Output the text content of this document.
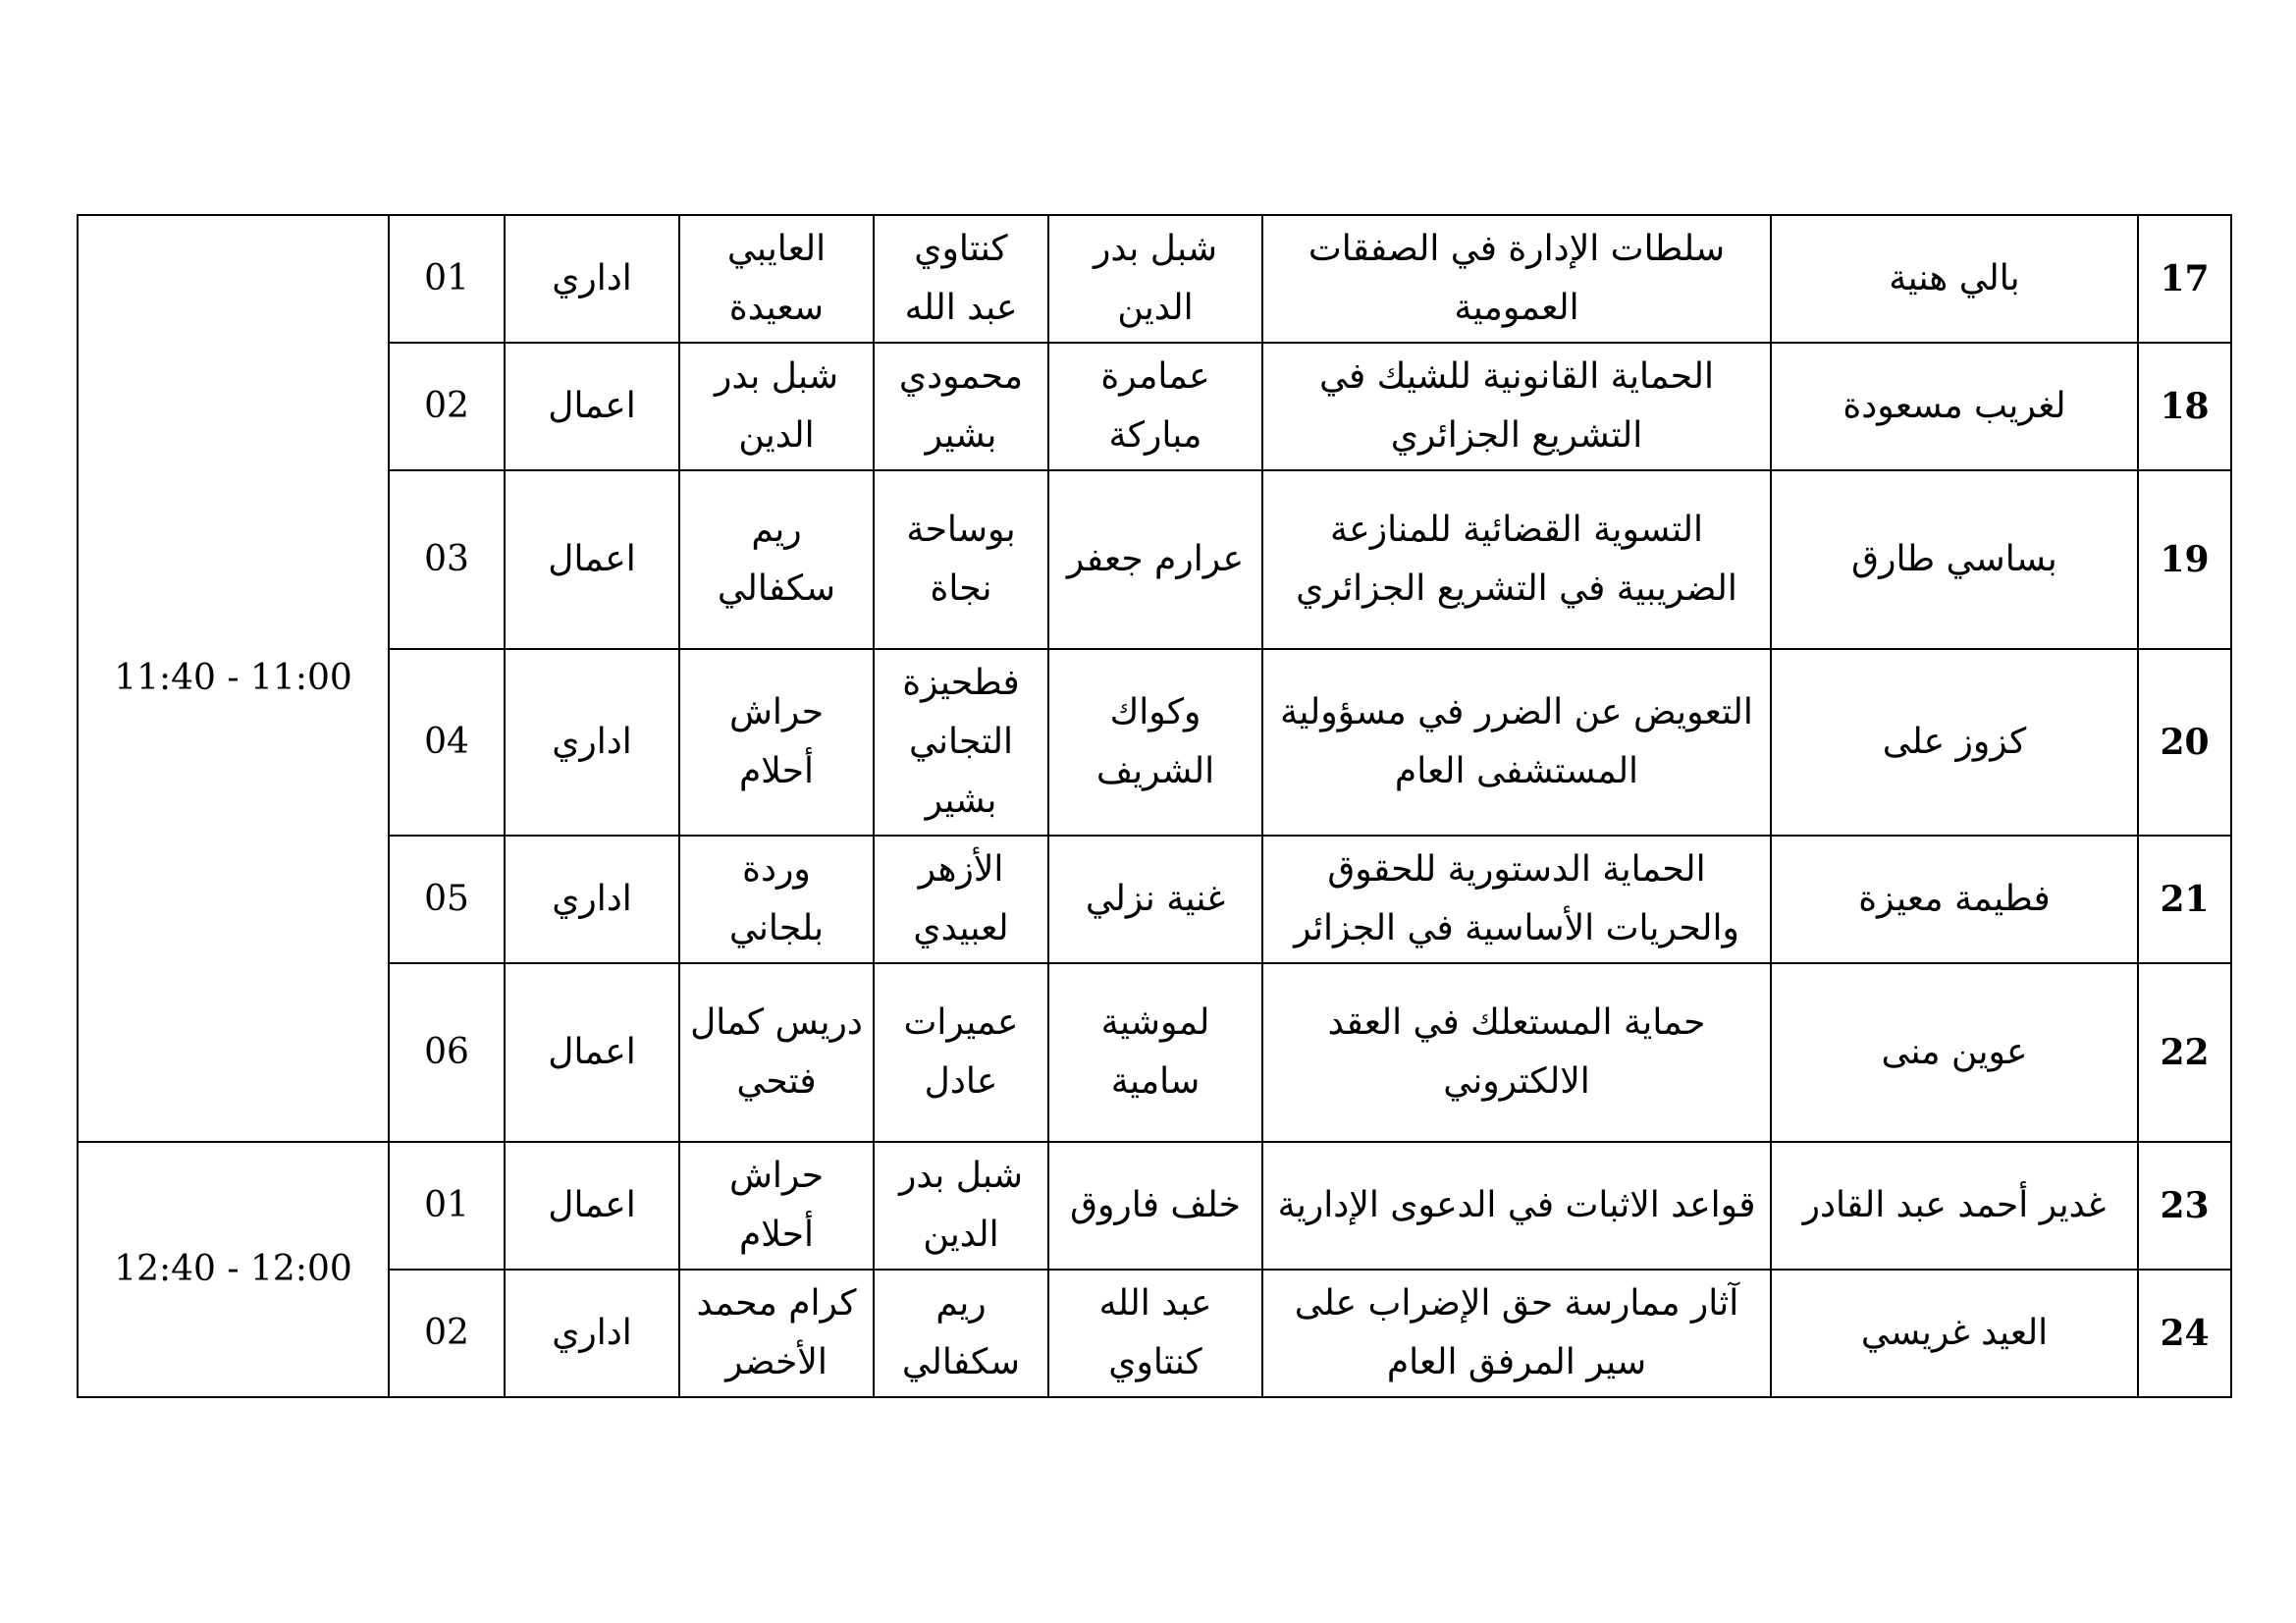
17	بالي هنية	سلطات الإدارة في الصفقات العمومية	شبل بدر الدين	كنتاوي عبد الله	العايبي سعيدة	اداري	01	11:40 - 11:00
18	لغريب مسعودة	الحماية القانونية للشيك في التشريع الجزائري	عمامرة مباركة	محمودي بشير	شبل بدر الدين	اعمال	02	
19	بساسي طارق	التسوية القضائية للمنازعة الضريبية في التشريع الجزائري	عرارم جعفر	بوساحة نجاة	ريم سكفالي	اعمال	03	
20	كزوز على	التعويض عن الضرر في مسؤولية المستشفى العام	وكواك الشريف	فطحيزة التجاني بشير	حراش أحلام	اداري	04	
21	فطيمة معيزة	الحماية الدستورية للحقوق والحريات الأساسية في الجزائر	غنية نزلي	الأزهر لعبيدي	وردة بلجاني	اداري	05	
22	عوين منى	حماية المستعلك في العقد الالكتروني	لموشية سامية	عميرات عادل	دريس كمال فتحي	اعمال	06	
23	غدير أحمد عبد القادر	قواعد الاثبات في الدعوى الإدارية	خلف فاروق	شبل بدر الدين	حراش أحلام	اعمال	01	12:40 - 12:00
24	العيد غريسي	آثار ممارسة حق الإضراب على سير المرفق العام	عبد الله كنتاوي	ريم سكفالي	كرام محمد الأخضر	اداري	02	
